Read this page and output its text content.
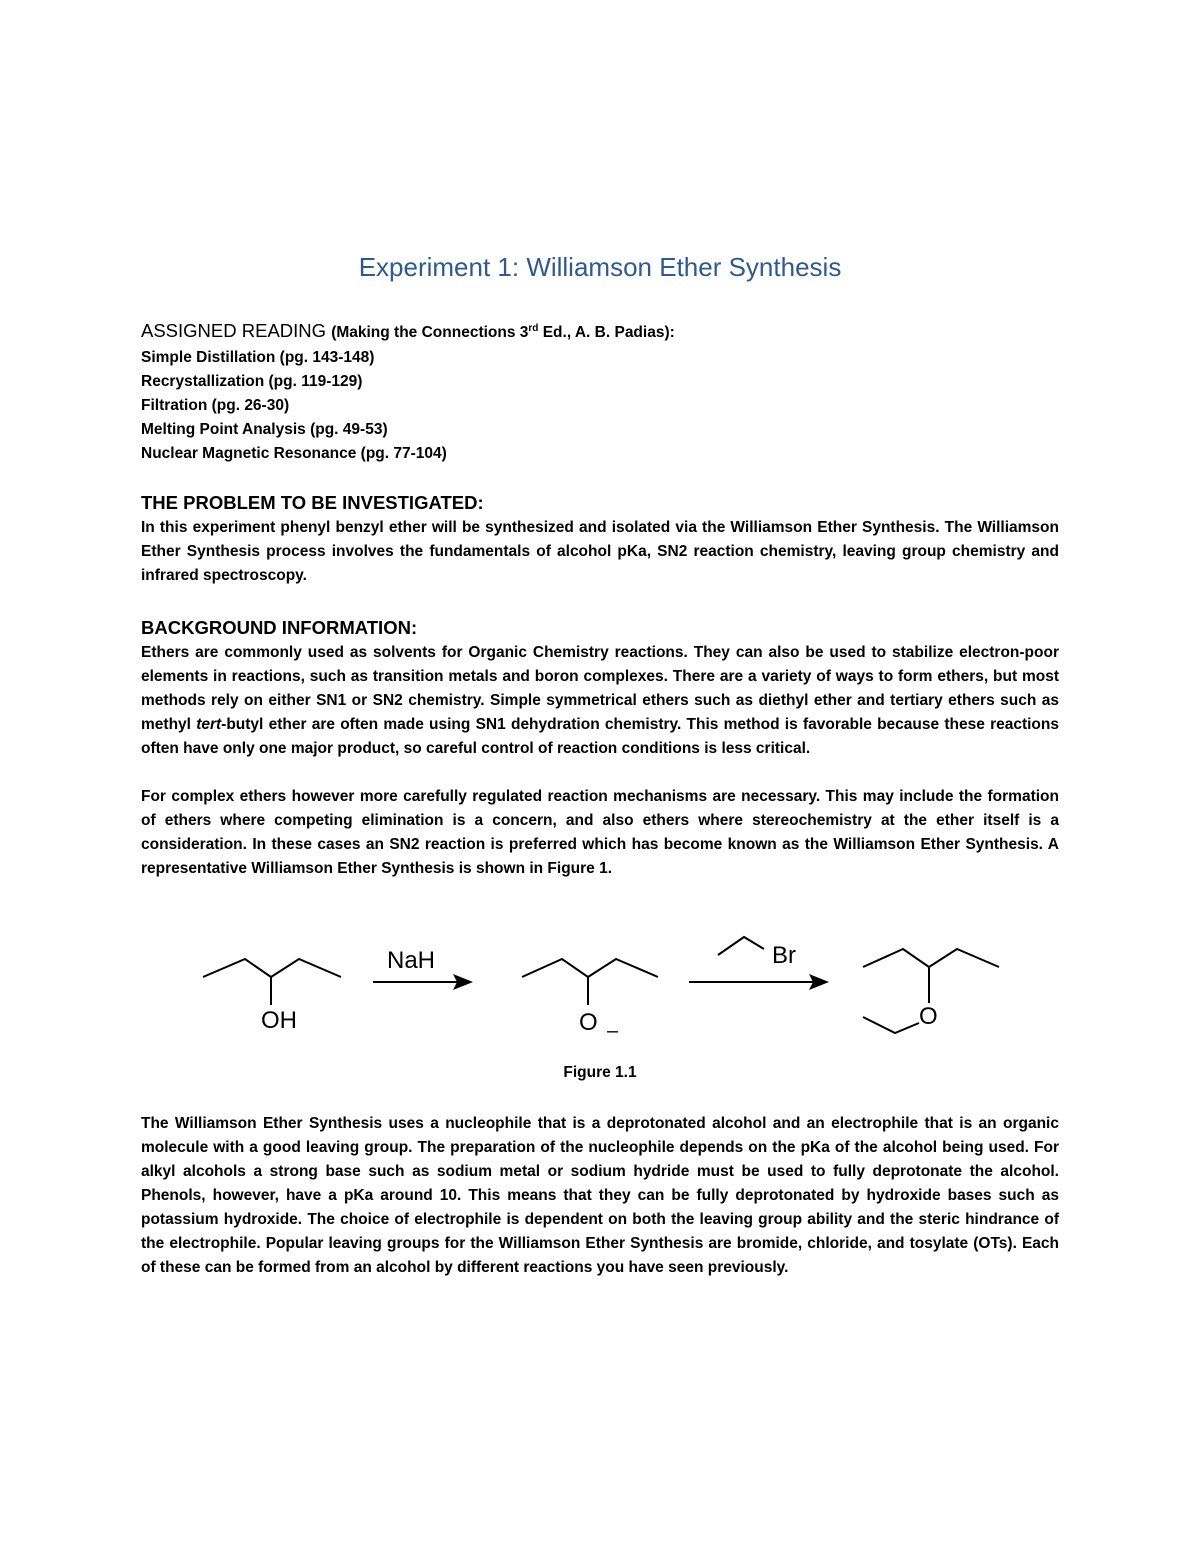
Experiment 1: Williamson Ether Synthesis
ASSIGNED READING (Making the Connections 3rd Ed., A. B. Padias):
Simple Distillation (pg. 143-148)
Recrystallization (pg. 119-129)
Filtration (pg. 26-30)
Melting Point Analysis (pg. 49-53)
Nuclear Magnetic Resonance (pg. 77-104)
THE PROBLEM TO BE INVESTIGATED:
In this experiment phenyl benzyl ether will be synthesized and isolated via the Williamson Ether Synthesis. The Williamson Ether Synthesis process involves the fundamentals of alcohol pKa, SN2 reaction chemistry, leaving group chemistry and infrared spectroscopy.
BACKGROUND INFORMATION:
Ethers are commonly used as solvents for Organic Chemistry reactions. They can also be used to stabilize electron-poor elements in reactions, such as transition metals and boron complexes. There are a variety of ways to form ethers, but most methods rely on either SN1 or SN2 chemistry. Simple symmetrical ethers such as diethyl ether and tertiary ethers such as methyl tert-butyl ether are often made using SN1 dehydration chemistry. This method is favorable because these reactions often have only one major product, so careful control of reaction conditions is less critical.
For complex ethers however more carefully regulated reaction mechanisms are necessary. This may include the formation of ethers where competing elimination is a concern, and also ethers where stereochemistry at the ether itself is a consideration. In these cases an SN2 reaction is preferred which has become known as the Williamson Ether Synthesis. A representative Williamson Ether Synthesis is shown in Figure 1.
OH
NaH
O –
Br
O
Figure 1.1
The Williamson Ether Synthesis uses a nucleophile that is a deprotonated alcohol and an electrophile that is an organic molecule with a good leaving group. The preparation of the nucleophile depends on the pKa of the alcohol being used. For alkyl alcohols a strong base such as sodium metal or sodium hydride must be used to fully deprotonate the alcohol. Phenols, however, have a pKa around 10. This means that they can be fully deprotonated by hydroxide bases such as potassium hydroxide. The choice of electrophile is dependent on both the leaving group ability and the steric hindrance of the electrophile. Popular leaving groups for the Williamson Ether Synthesis are bromide, chloride, and tosylate (OTs). Each of these can be formed from an alcohol by different reactions you have seen previously.
